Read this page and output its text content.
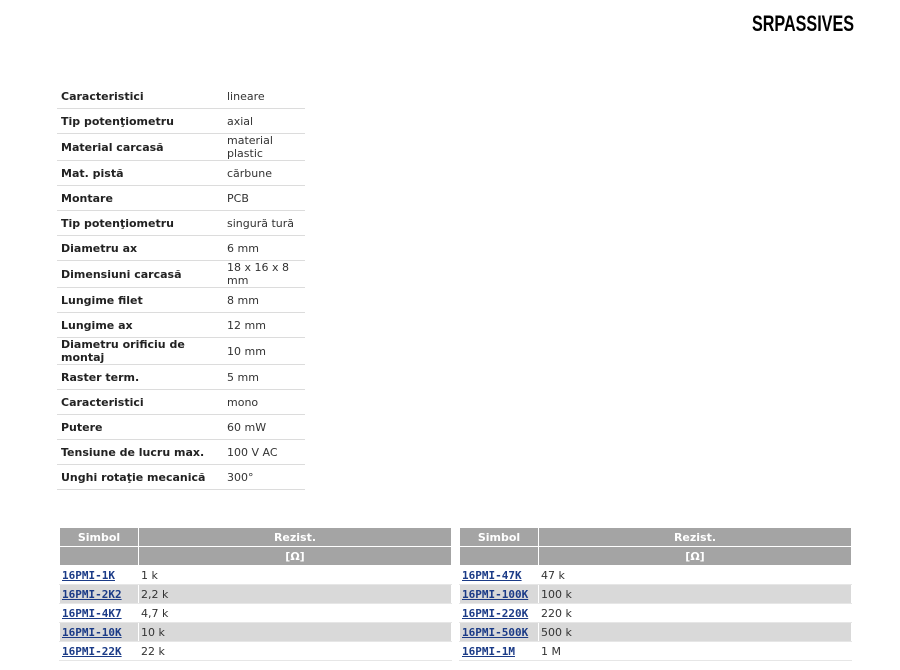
SRPASSIVES
Caracteristici	lineare
Tip potenţiometru	axial
Material carcasă	material plastic
Mat. pistă	cărbune
Montare	PCB
Tip potenţiometru	singură tură
Diametru ax	6 mm
Dimensiuni carcasă	18 x 16 x 8 mm
Lungime filet	8 mm
Lungime ax	12 mm
Diametru orificiu de montaj	10 mm
Raster term.	5 mm
Caracteristici	mono
Putere	60 mW
Tensiune de lucru max.	100 V AC
Unghi rotaţie mecanică	300°
Simbol	Rezist.
	[Ω]
16PMI-1K	1 k
16PMI-2K2	2,2 k
16PMI-4K7	4,7 k
16PMI-10K	10 k
16PMI-22K	22 k
Simbol	Rezist.
	[Ω]
16PMI-47K	47 k
16PMI-100K	100 k
16PMI-220K	220 k
16PMI-500K	500 k
16PMI-1M	1 M
